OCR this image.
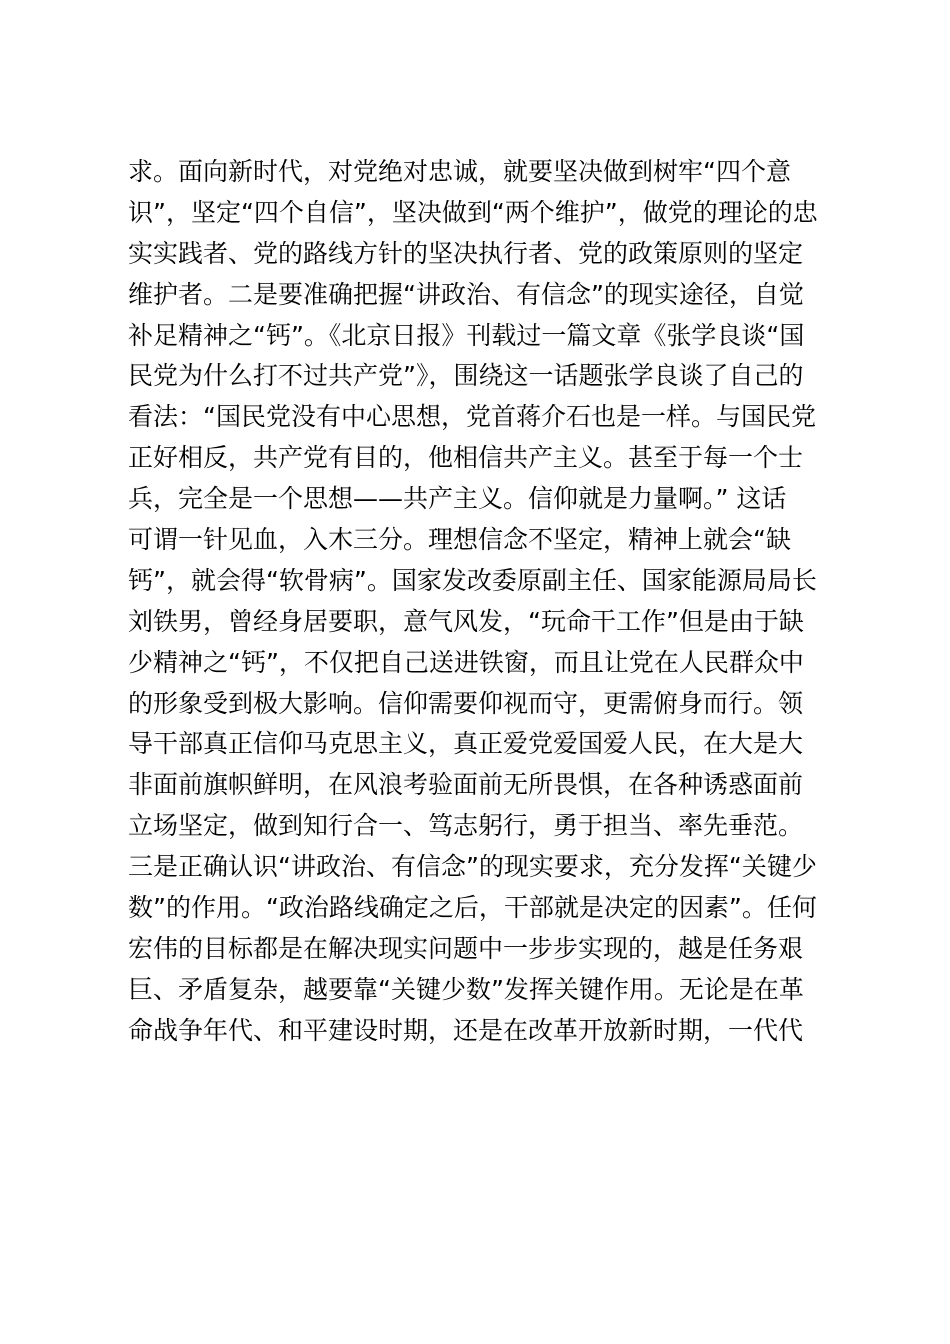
求。面向新时代，对党绝对忠诚，就要坚决做到树牢“四个意
识”，坚定“四个自信”，坚决做到“两个维护”，做党的理论的忠
实实践者、党的路线方针的坚决执行者、党的政策原则的坚定
维护者。二是要准确把握“讲政治、有信念”的现实途径，自觉
补足精神之“钙”。《北京日报》刊载过一篇文章《张学良谈“国
民党为什么打不过共产党”》，围绕这一话题张学良谈了自己的
看法：“国民党没有中心思想，党首蒋介石也是一样。与国民党
正好相反，共产党有目的，他相信共产主义。甚至于每一个士
兵，完全是一个思想——共产主义。信仰就是力量啊。” 这话
可谓一针见血，入木三分。理想信念不坚定，精神上就会“缺
钙”，就会得“软骨病”。国家发改委原副主任、国家能源局局长
刘铁男，曾经身居要职，意气风发，“玩命干工作”但是由于缺
少精神之“钙”，不仅把自己送进铁窗，而且让党在人民群众中
的形象受到极大影响。信仰需要仰视而守，更需俯身而行。领
导干部真正信仰马克思主义，真正爱党爱国爱人民，在大是大
非面前旗帜鲜明，在风浪考验面前无所畏惧，在各种诱惑面前
立场坚定，做到知行合一、笃志躬行，勇于担当、率先垂范。
三是正确认识“讲政治、有信念”的现实要求，充分发挥“关键少
数”的作用。“政治路线确定之后，干部就是决定的因素”。任何
宏伟的目标都是在解决现实问题中一步步实现的，越是任务艰
巨、矛盾复杂，越要靠“关键少数”发挥关键作用。无论是在革
命战争年代、和平建设时期，还是在改革开放新时期，一代代
